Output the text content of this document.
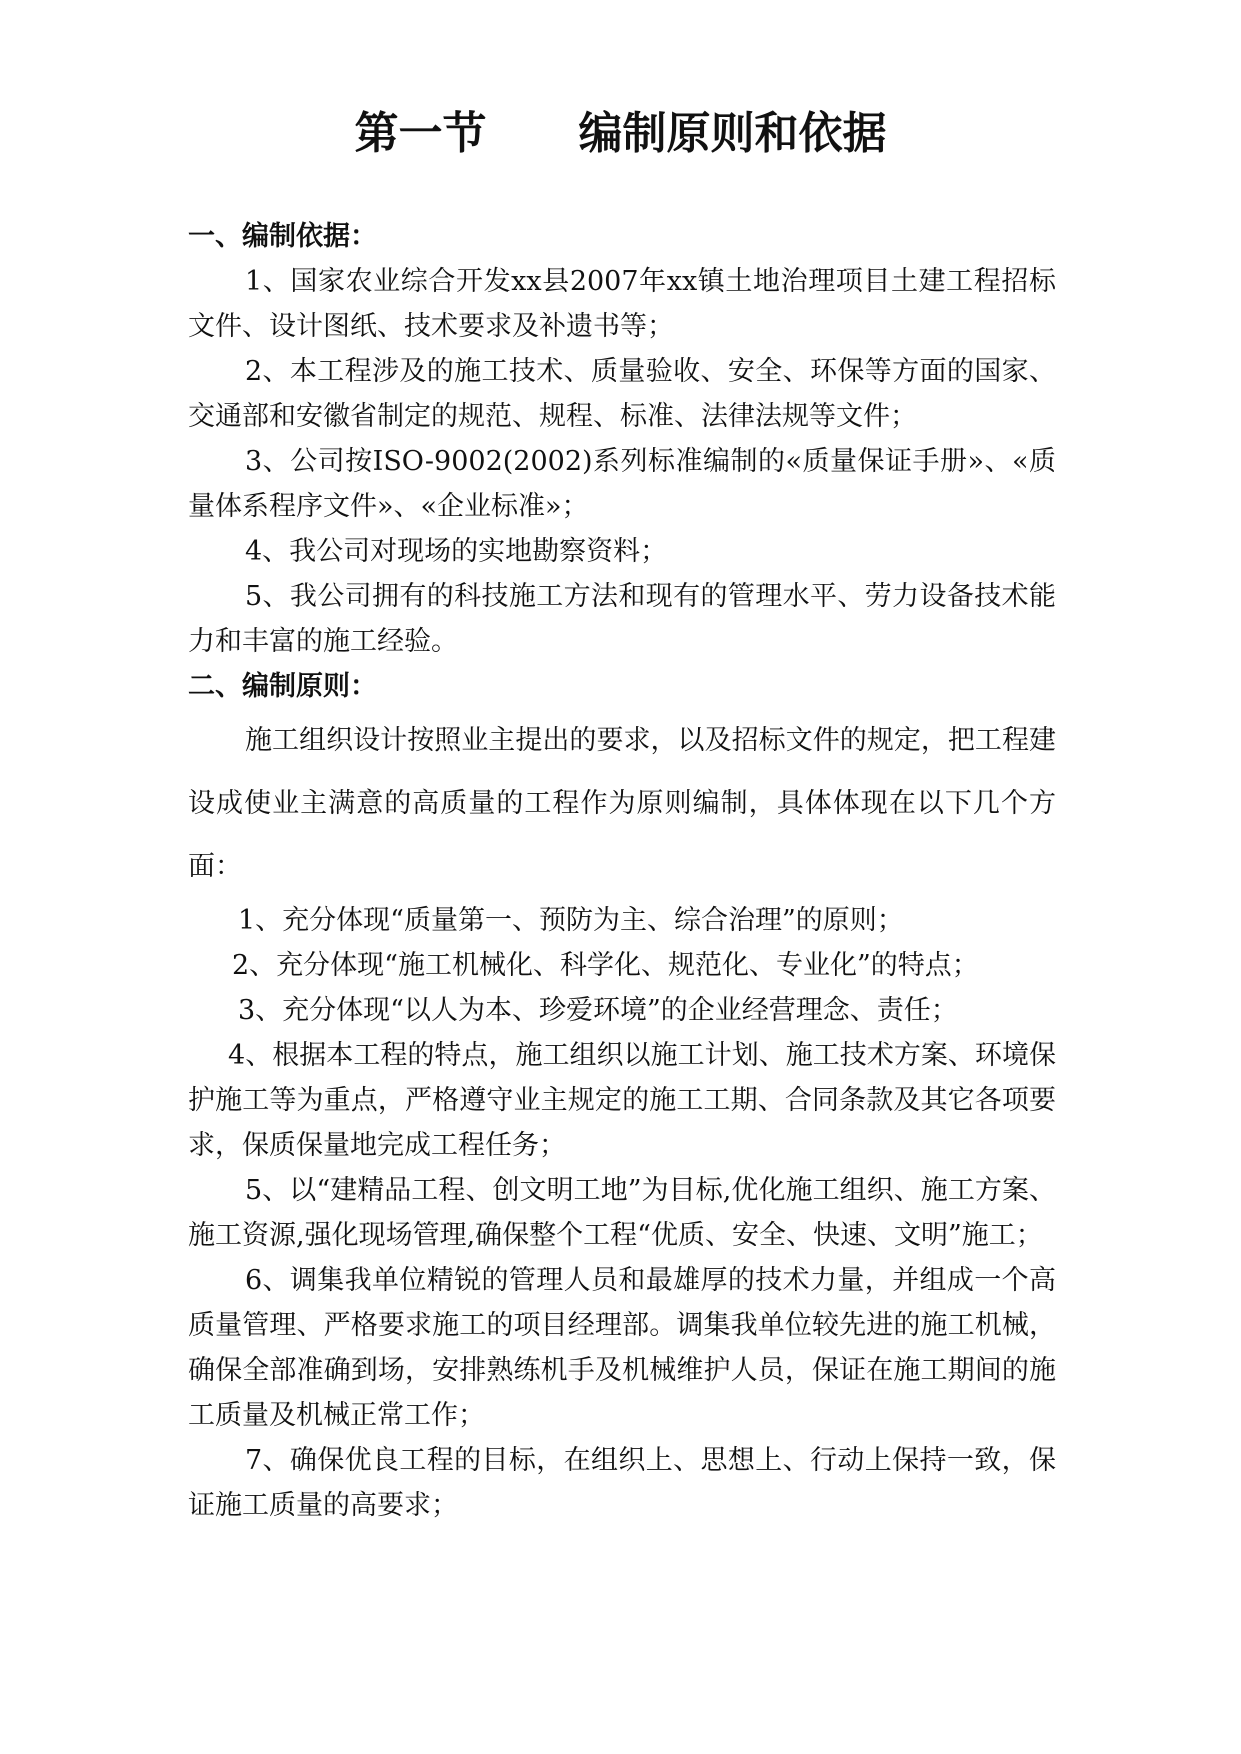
第一节      编制原则和依据
一、编制依据：

1、国家农业综合开发xx县2007年xx镇土地治理项目土建工程招标文件、设计图纸、技术要求及补遗书等；

2、本工程涉及的施工技术、质量验收、安全、环保等方面的国家、交通部和安徽省制定的规范、规程、标准、法律法规等文件；

3、公司按ISO-9002(2002)系列标准编制的«质量保证手册»、«质量体系程序文件»、«企业标准»；

4、我公司对现场的实地勘察资料；

5、我公司拥有的科技施工方法和现有的管理水平、劳力设备技术能力和丰富的施工经验。

二、编制原则：

施工组织设计按照业主提出的要求，以及招标文件的规定，把工程建设成使业主满意的高质量的工程作为原则编制，具体体现在以下几个方面：

1、充分体现“质量第一、预防为主、综合治理”的原则；

2、充分体现“施工机械化、科学化、规范化、专业化”的特点；

3、充分体现“以人为本、珍爱环境”的企业经营理念、责任；

4、根据本工程的特点，施工组织以施工计划、施工技术方案、环境保护施工等为重点，严格遵守业主规定的施工工期、合同条款及其它各项要求，保质保量地完成工程任务；

5、以“建精品工程、创文明工地”为目标,优化施工组织、施工方案、施工资源,强化现场管理,确保整个工程“优质、安全、快速、文明”施工；

6、调集我单位精锐的管理人员和最雄厚的技术力量，并组成一个高质量管理、严格要求施工的项目经理部。调集我单位较先进的施工机械，确保全部准确到场，安排熟练机手及机械维护人员，保证在施工期间的施工质量及机械正常工作；

7、确保优良工程的目标，在组织上、思想上、行动上保持一致，保证施工质量的高要求；
